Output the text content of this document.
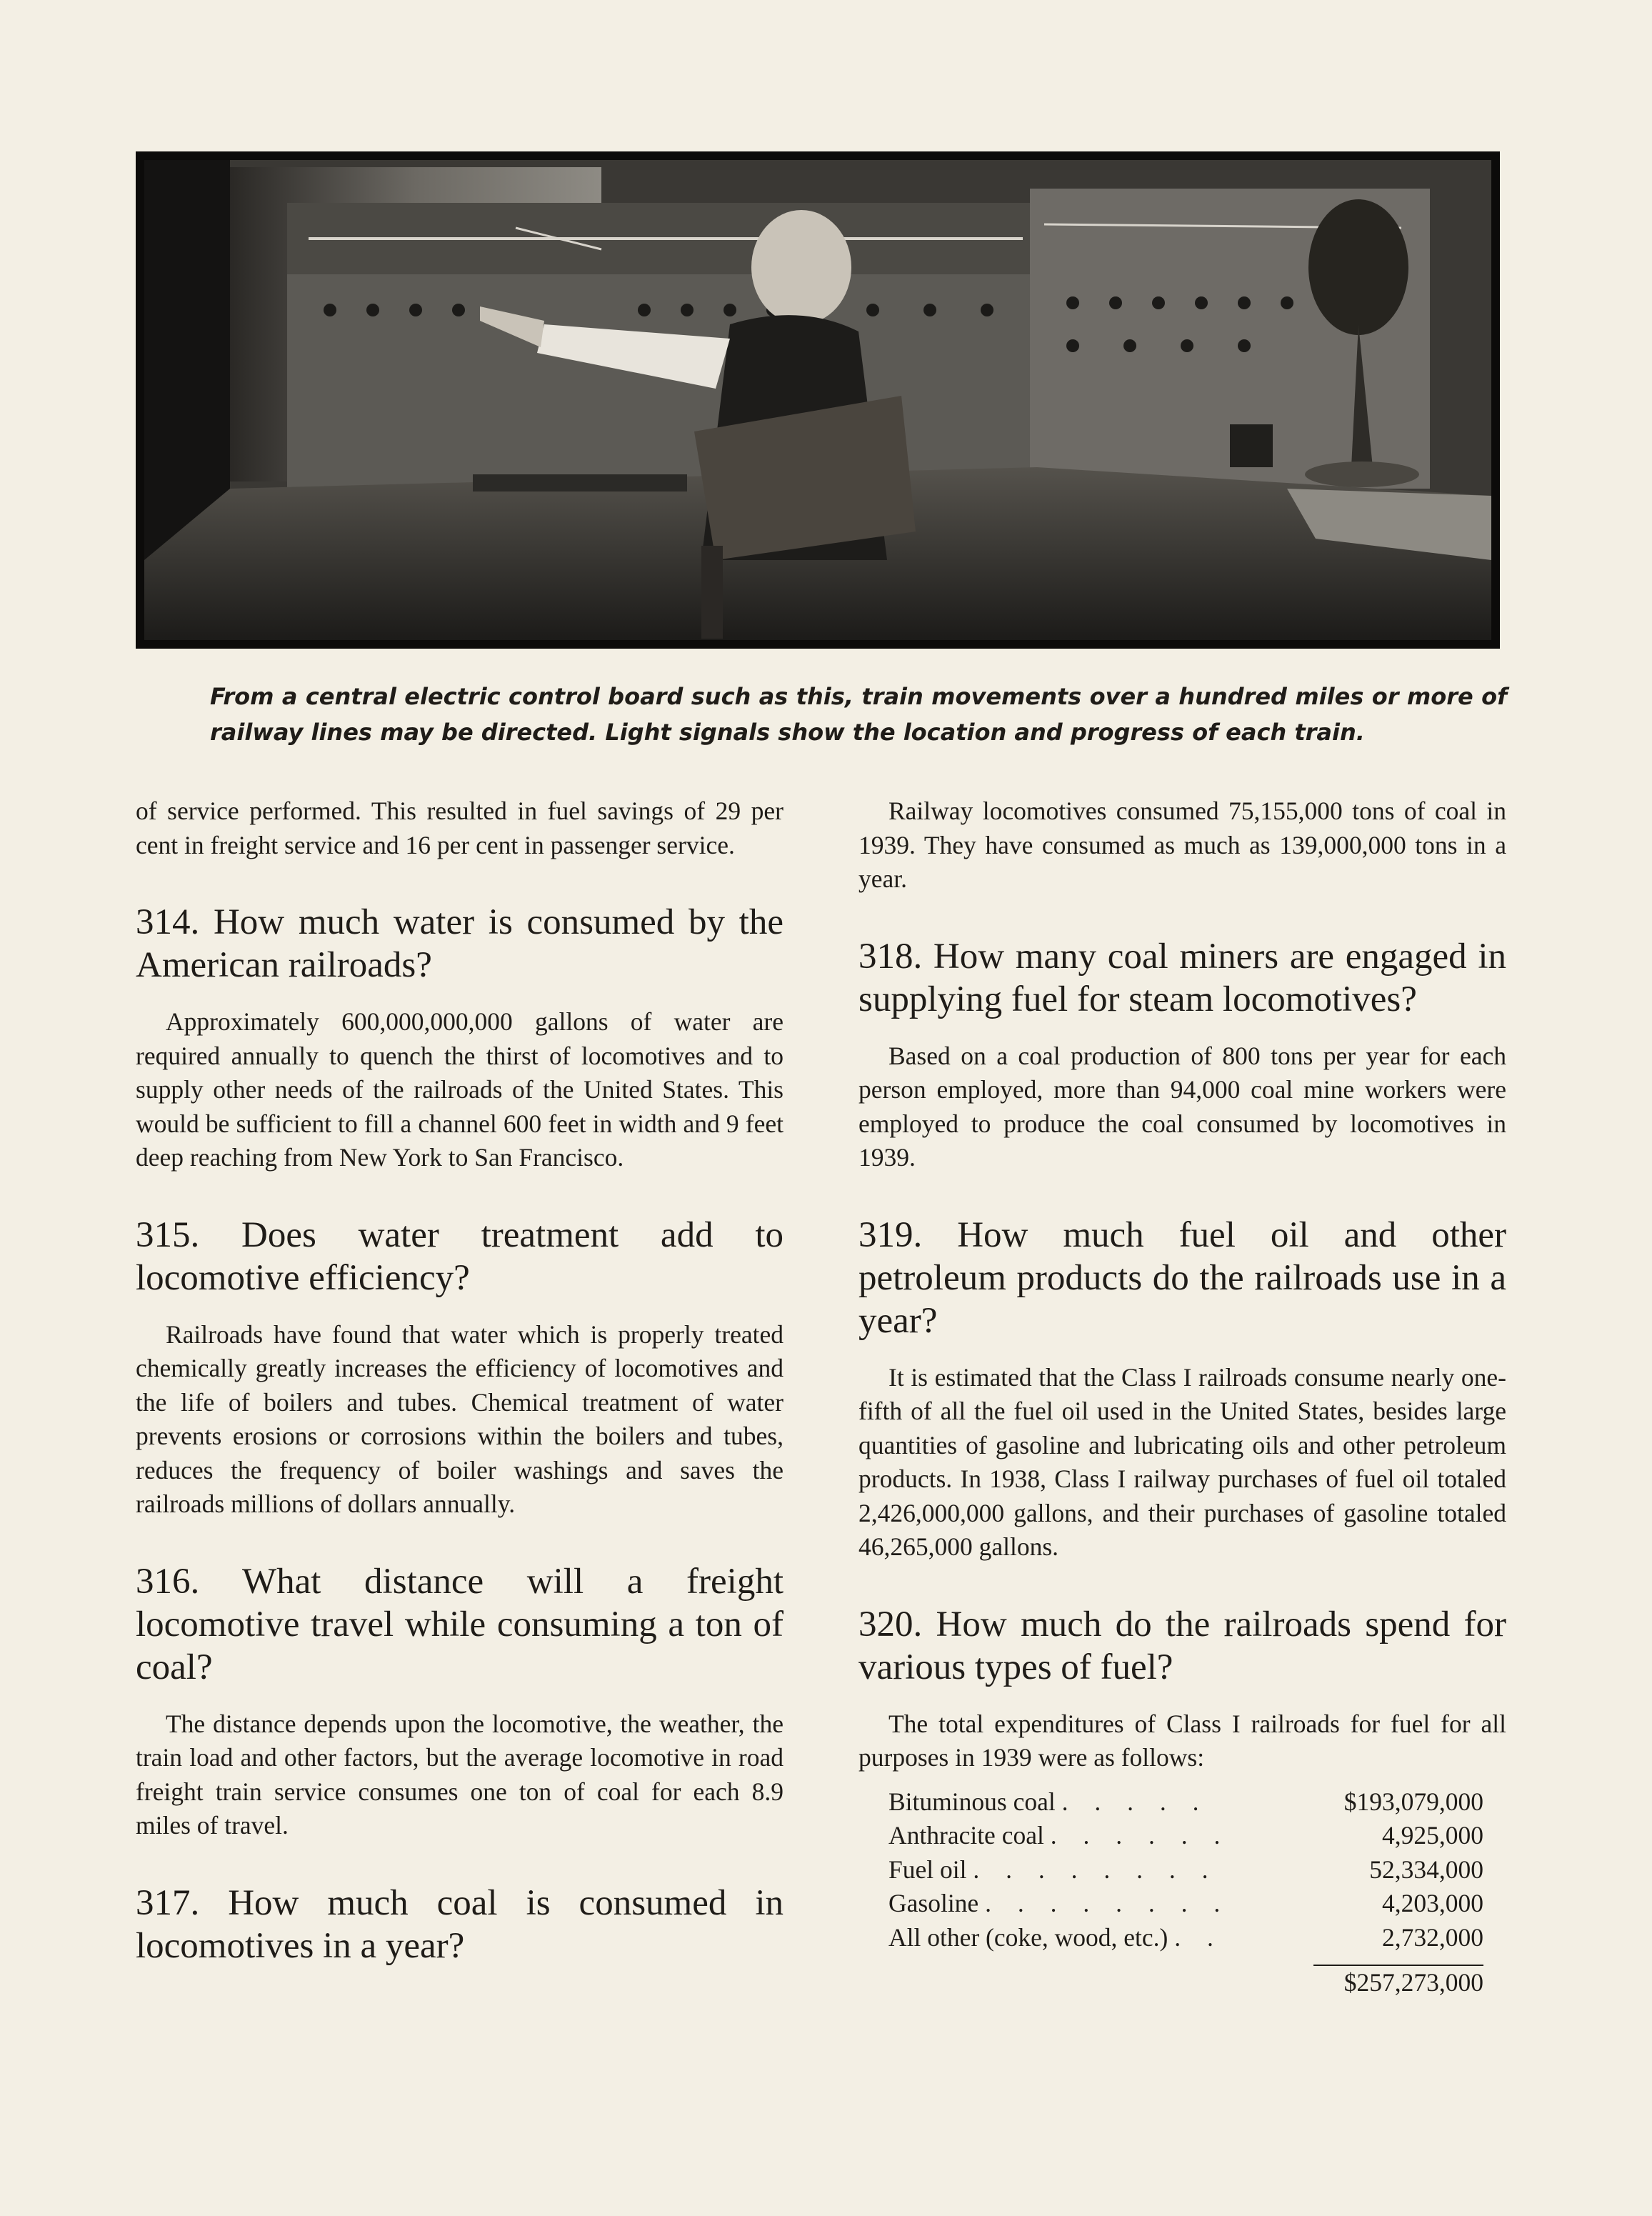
From a central electric control board such as this, train movements over a hundred miles or more of railway lines may be directed. Light signals show the location and progress of each train.

of service performed. This resulted in fuel savings of 29 per cent in freight service and 16 per cent in passenger service.

314. How much water is consumed by the American railroads?

Approximately 600,000,000,000 gallons of water are required annually to quench the thirst of locomotives and to supply other needs of the railroads of the United States. This would be sufficient to fill a channel 600 feet in width and 9 feet deep reaching from New York to San Francisco.

315. Does water treatment add to locomotive efficiency?

Railroads have found that water which is properly treated chemically greatly increases the efficiency of locomotives and the life of boilers and tubes. Chemical treatment of water prevents erosions or corrosions within the boilers and tubes, reduces the frequency of boiler washings and saves the railroads millions of dollars annually.

316. What distance will a freight locomotive travel while consuming a ton of coal?

The distance depends upon the locomotive, the weather, the train load and other factors, but the average locomotive in road freight train service consumes one ton of coal for each 8.9 miles of travel.

317. How much coal is consumed in locomotives in a year?

Railway locomotives consumed 75,155,000 tons of coal in 1939. They have consumed as much as 139,000,000 tons in a year.

318. How many coal miners are engaged in supplying fuel for steam locomotives?

Based on a coal production of 800 tons per year for each person employed, more than 94,000 coal mine workers were employed to produce the coal consumed by locomotives in 1939.

319. How much fuel oil and other petroleum products do the railroads use in a year?

It is estimated that the Class I railroads consume nearly one-fifth of all the fuel oil used in the United States, besides large quantities of gasoline and lubricating oils and other petroleum products. In 1938, Class I railway purchases of fuel oil totaled 2,426,000,000 gallons, and their purchases of gasoline totaled 46,265,000 gallons.

320. How much do the railroads spend for various types of fuel?

The total expenditures of Class I railroads for fuel for all purposes in 1939 were as follows:

Bituminous coal . . . . .	$193,079,000
Anthracite coal . . . . . .	4,925,000
Fuel oil . . . . . . . .	52,334,000
Gasoline . . . . . . . .	4,203,000
All other (coke, wood, etc.) . .	2,732,000
$257,273,000
